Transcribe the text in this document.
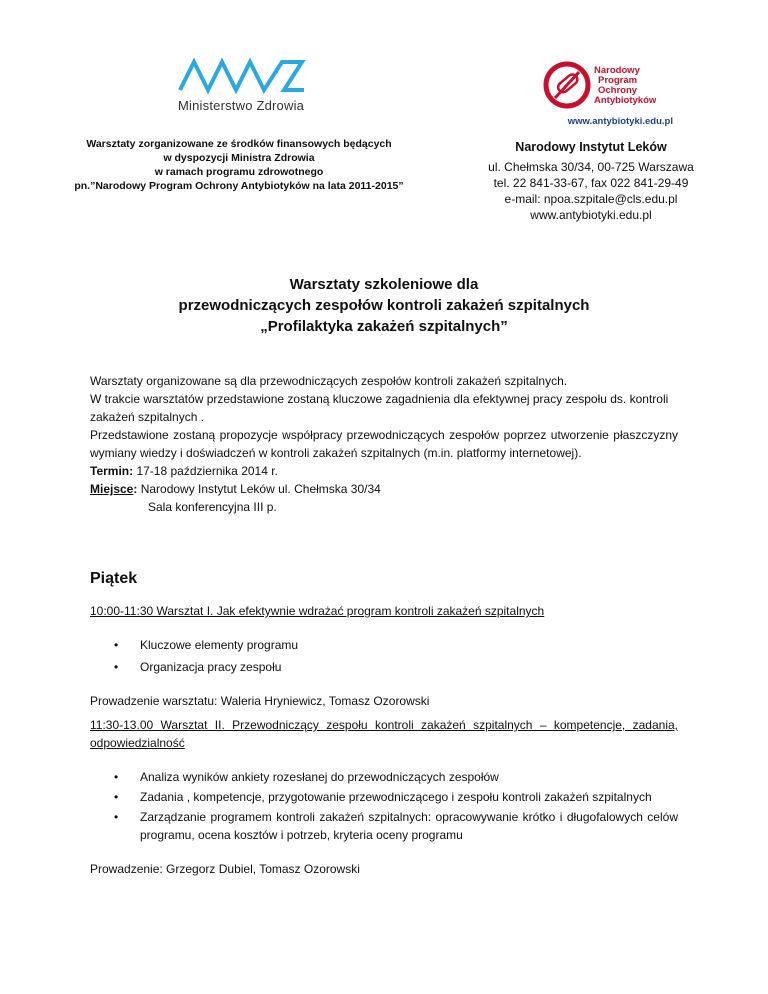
Ministerstwo Zdrowia
Narodowy
Program
Ochrony
Antybiotyków
www.antybiotyki.edu.pl
Warsztaty zorganizowane ze środków finansowych będących
w dyspozycji Ministra Zdrowia
w ramach programu zdrowotnego
pn.”Narodowy Program Ochrony Antybiotyków na lata 2011-2015”
Narodowy Instytut Leków
ul. Chełmska 30/34, 00-725 Warszawa
tel. 22 841-33-67, fax 022 841-29-49
e-mail: npoa.szpitale@cls.edu.pl
www.antybiotyki.edu.pl
Warsztaty szkoleniowe dla
przewodniczących zespołów kontroli zakażeń szpitalnych
„Profilaktyka zakażeń szpitalnych”

Warsztaty organizowane są dla przewodniczących zespołów kontroli zakażeń szpitalnych.

W trakcie warsztatów przedstawione zostaną kluczowe zagadnienia dla efektywnej pracy zespołu ds. kontroli zakażeń szpitalnych .

Przedstawione zostaną propozycje współpracy przewodniczących zespołów poprzez utworzenie płaszczyzny wymiany wiedzy i doświadczeń w kontroli zakażeń szpitalnych (m.in. platformy internetowej).

Termin: 17-18 października 2014 r.

Miejsce: Narodowy Instytut Leków ul. Chełmska 30/34

Sala konferencyjna III p.

Piątek
10:00-11:30 Warsztat I. Jak efektywnie wdrażać program kontroli zakażeń szpitalnych
• Kluczowe elementy programu
• Organizacja pracy zespołu
Prowadzenie warsztatu: Waleria Hryniewicz, Tomasz Ozorowski
11:30-13.00 Warsztat II. Przewodniczący zespołu kontroli zakażeń szpitalnych – kompetencje, zadania, odpowiedzialność
• Analiza wyników ankiety rozesłanej do przewodniczących zespołów
• Zadania , kompetencje, przygotowanie przewodniczącego i zespołu kontroli zakażeń szpitalnych
• Zarządzanie programem kontroli zakażeń szpitalnych: opracowywanie krótko i długofalowych celów programu, ocena kosztów i potrzeb, kryteria oceny programu
Prowadzenie: Grzegorz Dubiel, Tomasz Ozorowski
